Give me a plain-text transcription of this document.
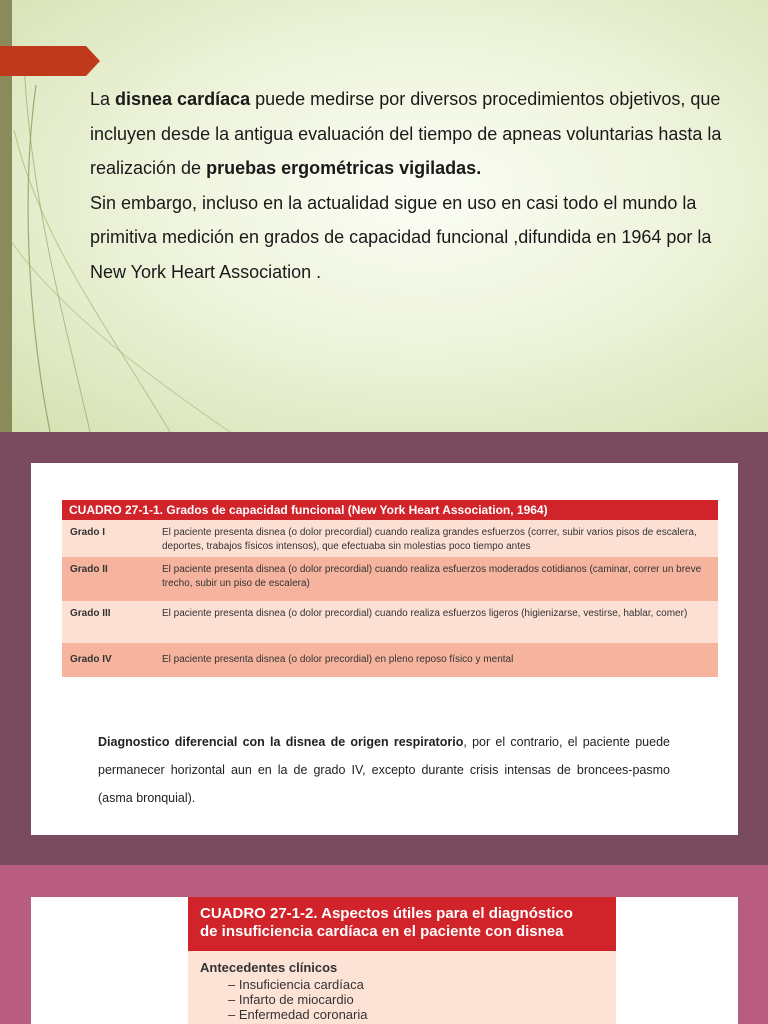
La disnea cardíaca puede medirse por diversos procedimientos objetivos, que incluyen desde la antigua evaluación del tiempo de apneas voluntarias hasta la realización de pruebas ergométricas vigiladas.
Sin embargo, incluso en la actualidad sigue en uso en casi todo el mundo la primitiva medición en grados de capacidad funcional ,difundida en 1964 por la New York Heart Association .
CUADRO 27-1-1. Grados de capacidad funcional (New York Heart Association, 1964)
Grado I	El paciente presenta disnea (o dolor precordial) cuando realiza grandes esfuerzos (correr, subir varios pisos de escalera, deportes, trabajos físicos intensos), que efectuaba sin molestias poco tiempo antes
Grado II	El paciente presenta disnea (o dolor precordial) cuando realiza esfuerzos moderados cotidianos (caminar, correr un breve trecho, subir un piso de escalera)
Grado III	El paciente presenta disnea (o dolor precordial) cuando realiza esfuerzos ligeros (higienizarse, vestirse, hablar, comer)
Grado IV	El paciente presenta disnea (o dolor precordial) en pleno reposo físico y mental
Diagnostico diferencial con la disnea de origen respiratorio, por el contrario, el paciente puede permanecer horizontal aun en la de grado IV, excepto durante crisis intensas de broncees-pasmo (asma bronquial).
CUADRO 27-1-2. Aspectos útiles para el diagnóstico
de insuficiencia cardíaca en el paciente con disnea
Antecedentes clínicos
– Insuficiencia cardíaca
– Infarto de miocardio
– Enfermedad coronaria
